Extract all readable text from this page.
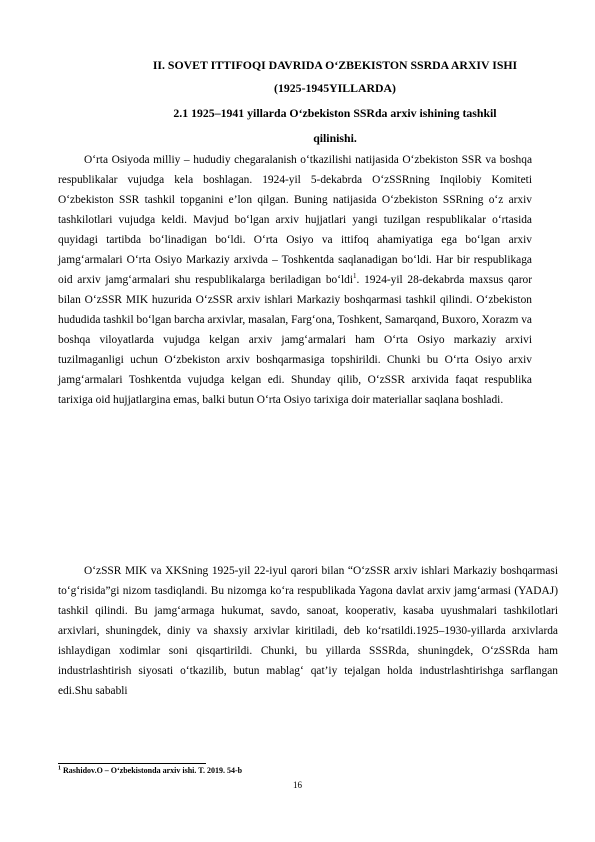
II. SOVET ITTIFOQI DAVRIDA O‘ZBEKISTON SSRDA ARXIV ISHI
(1925-1945YILLARDA)
2.1 1925–1941 yillarda O‘zbekiston SSRda arxiv ishining tashkil
qilinishi.
O‘rta Osiyoda milliy – hududiy chegaralanish o‘tkazilishi natijasida O‘zbekiston SSR va boshqa respublikalar vujudga kela boshlagan. 1924-yil 5-dekabrda O‘zSSRning Inqilobiy Komiteti O‘zbekiston SSR tashkil topganini e’lon qilgan. Buning natijasida O‘zbekiston SSRning o‘z arxiv tashkilotlari vujudga keldi. Mavjud bo‘lgan arxiv hujjatlari yangi tuzilgan respublikalar o‘rtasida quyidagi tartibda bo‘linadigan bo‘ldi. O‘rta Osiyo va ittifoq ahamiyatiga ega bo‘lgan arxiv jamg‘armalari O‘rta Osiyo Markaziy arxivda – Toshkentda saqlanadigan bo‘ldi. Har bir respublikaga oid arxiv jamg‘armalari shu respublikalarga beriladigan bo‘ldi$^1$. 1924-yil 28-dekabrda maxsus qaror bilan O‘zSSR MIK huzurida O‘zSSR arxiv ishlari Markaziy boshqarmasi tashkil qilindi. O‘zbekiston hududida tashkil bo‘lgan barcha arxivlar, masalan, Farg‘ona, Toshkent, Samarqand, Buxoro, Xorazm va boshqa viloyatlarda vujudga kelgan arxiv jamg‘armalari ham O‘rta Osiyo markaziy arxivi tuzilmaganligi uchun O‘zbekiston arxiv boshqarmasiga topshirildi. Chunki bu O‘rta Osiyo arxiv jamg‘armalari Toshkentda vujudga kelgan edi. Shunday qilib, O‘zSSR arxivida faqat respublika tarixiga oid hujjatlargina emas, balki butun O‘rta Osiyo tarixiga doir materiallar saqlana boshladi.
O‘zSSR MIK va XKSning 1925-yil 22-iyul qarori bilan “O‘zSSR arxiv ishlari Markaziy boshqarmasi to‘g‘risida”gi nizom tasdiqlandi. Bu nizomga ko‘ra respublikada Yagona davlat arxiv jamg‘armasi (YADAJ) tashkil qilindi. Bu jamg‘armaga hukumat, savdo, sanoat, kooperativ, kasaba uyushmalari tashkilotlari arxivlari, shuningdek, diniy va shaxsiy arxivlar kiritiladi, deb ko‘rsatildi.1925–1930-yillarda arxivlarda ishlaydigan xodimlar soni qisqartirildi. Chunki, bu yillarda SSSRda, shuningdek, O‘zSSRda ham industrlashtirish siyosati o‘tkazilib, butun mablag‘ qat’iy tejalgan holda industrlashtirishga sarflangan edi.Shu sababli
$^1$ Rashidov.O – O‘zbekistonda arxiv ishi. T. 2019. 54-b
16
